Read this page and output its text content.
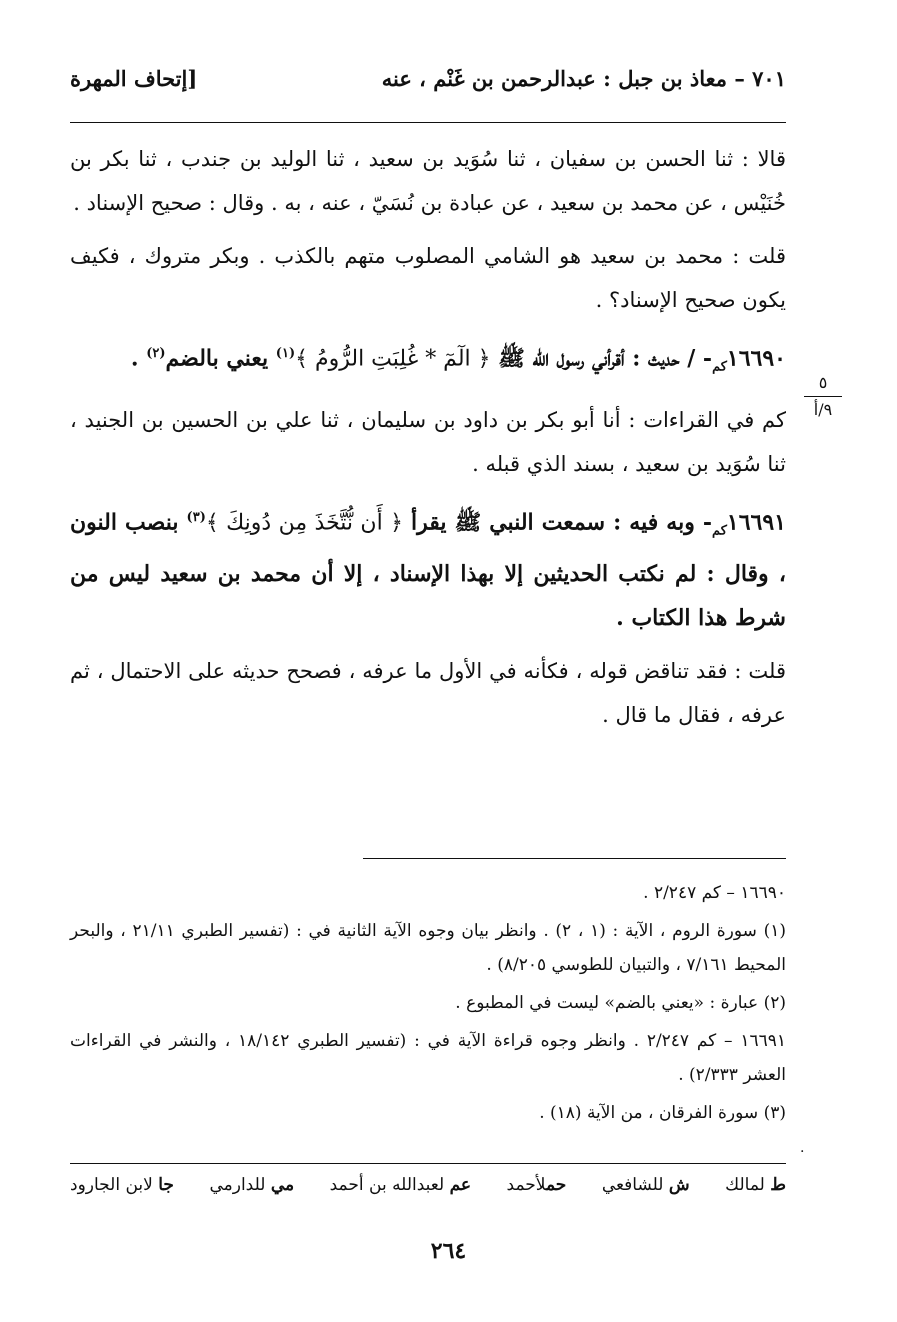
٧٠١ – معاذ بن جبل : عبدالرحمن بن غَنْم ، عنه
[إتحاف المهرة

قالا : ثنا الحسن بن سفيان ، ثنا سُوَيد بن سعيد ، ثنا الوليد بن جندب ، ثنا بكر بن خُنَيْس ، عن محمد بن سعيد ، عن عبادة بن نُسَيّ ، عنه ، به . وقال : صحيح الإسناد .

قلت : محمد بن سعيد هو الشامي المصلوب متهم بالكذب . وبكر متروك ، فكيف يكون صحيح الإسناد؟ .

$١٦٦٩٠_{كم}-$ / حديث : أقرأني رسول الله ﷺ ﴿ الٓمٓ * غُلِبَتِ الرُّومُ ﴾$^{(١)}$ يعني بالضم$^{(٢)}$ .

كم في القراءات : أنا أبو بكر بن داود بن سليمان ، ثنا علي بن الحسين بن الجنيد ، ثنا سُوَيد بن سعيد ، بسند الذي قبله .

$١٦٦٩١_{كم}-$ وبه فيه : سمعت النبي ﷺ يقرأ ﴿ أَن نُّتَّخَذَ مِن دُونِكَ ﴾$^{(٣)}$ بنصب النون ، وقال : لم نكتب الحديثين إلا بهذا الإسناد ، إلا أن محمد بن سعيد ليس من شرط هذا الكتاب .

قلت : فقد تناقض قوله ، فكأنه في الأول ما عرفه ، فصحح حديثه على الاحتمال ، ثم عرفه ، فقال ما قال .

٥
٩/أ

١٦٦٩٠ – كم ٢/٢٤٧ .

(١) سورة الروم ، الآية : (١ ، ٢) . وانظر بيان وجوه الآية الثانية في : (تفسير الطبري ٢١/١١ ، والبحر المحيط ٧/١٦١ ، والتبيان للطوسي ٨/٢٠٥) .

(٢) عبارة : «يعني بالضم» ليست في المطبوع .

١٦٦٩١ – كم ٢/٢٤٧ . وانظر وجوه قراءة الآية في : (تفسير الطبري ١٨/١٤٢ ، والنشر في القراءات العشر ٢/٣٣٣) .

(٣) سورة الفرقان ، من الآية (١٨) .

.
ط لمالك
ش للشافعي
حملأحمد
عم لعبدالله بن أحمد
مي للدارمي
جا لابن الجارود
٢٦٤
